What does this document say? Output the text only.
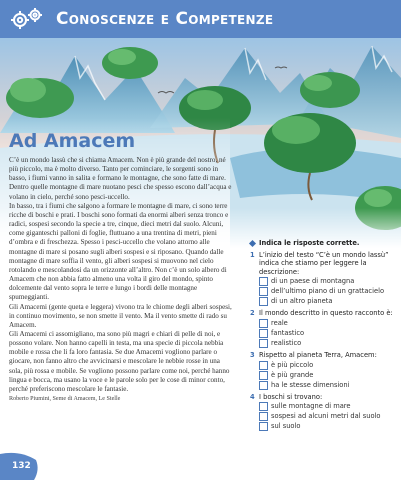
Conoscenze e Competenze
Ad Amacem

C’è un mondo lassù che si chiama Amacem. Non è più grande del nostro, né più piccolo, ma è molto diverso. Tanto per cominciare, le sorgenti sono in basso, i fiumi vanno in salita e formano le montagne, che sono fatte di mare. Dentro quelle montagne di mare nuotano pesci che spesso escono dall’acqua e volano in cielo, perché sono pesci-uccello.

In basso, tra i fiumi che salgono a formare le montagne di mare, ci sono terre ricche di boschi e prati. I boschi sono formati da enormi alberi senza tronco e radici, sospesi secondo la specie a tre, cinque, dieci metri dal suolo. Alcuni, come giganteschi palloni di foglie, fluttuano a una trentina di metri, pieni d’ombra e di freschezza. Spesso i pesci-uccello che volano attorno alle montagne di mare si posano sugli alberi sospesi e si riposano. Quando dalle montagne di mare soffia il vento, gli alberi sospesi si muovono nel cielo rotolando e mescolandosi da un orizzonte all’altro. Non c’è un solo albero di Amacem che non abbia fatto almeno una volta il giro del mondo, spinto dolcemente dal vento sopra le terre e lungo i bordi delle montagne spumeggianti.

Gli Amacemi (gente queta e leggera) vivono tra le chiome degli alberi sospesi, in continuo movimento, se non smette il vento. Ma il vento smette di rado su Amacem.

Gli Amacemi ci assomigliano, ma sono più magri e chiari di pelle di noi, e possono volare. Non hanno capelli in testa, ma una specie di piccola nebbia mobile e rossa che li fa loro fantasia. Se due Amacemi vogliono parlare o giocare, non fanno altro che avvicinarsi e mescolare le nebbie rosse in una sola, più rossa e mobile. Se vogliono possono parlare come noi, perché hanno lingua e bocca, ma usano la voce e le parole solo per le cose di minor conto, perché preferiscono mescolare le fantasie.

Roberto Piumini, Seme di Amacem, Le Stelle

Indica le risposte corrette.
1 L’inizio del testo “C’è un mondo lassù” indica che stiamo per leggere la descrizione:
di un paese di montagna
dell’ultimo piano di un grattacielo
di un altro pianeta
2 Il mondo descritto in questo racconto è:
reale
fantastico
realistico
3 Rispetto al pianeta Terra, Amacem:
è più piccolo
è più grande
ha le stesse dimensioni
4 I boschi si trovano:
sulle montagne di mare
sospesi ad alcuni metri dal suolo
sul suolo
132
